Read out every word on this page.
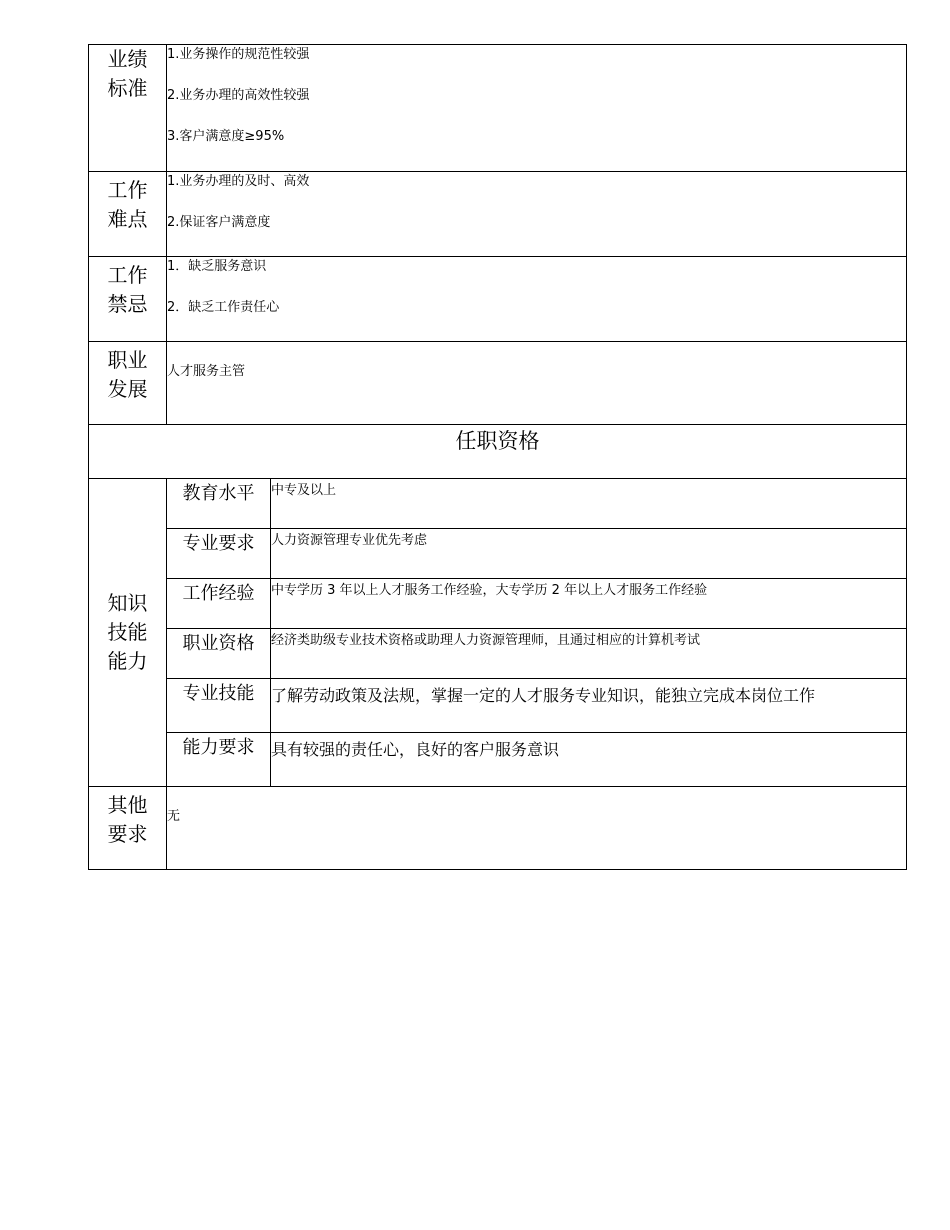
业绩
标准	1.业务操作的规范性较强
2.业务办理的高效性较强
3.客户满意度≥95%	

工作
难点	1.业务办理的及时、高效
2.保证客户满意度	

工作
禁忌	1．缺乏服务意识
2．缺乏工作责任心	

职业
发展	人才服务主管	

任职资格		
知识
技能
能力	教育水平	中专及以上
	专业要求	人力资源管理专业优先考虑
	工作经验	中专学历 3 年以上人才服务工作经验，大专学历 2 年以上人才服务工作经验
	职业资格	经济类助级专业技术资格或助理人力资源管理师，且通过相应的计算机考试
	专业技能	了解劳动政策及法规，掌握一定的人才服务专业知识，能独立完成本岗位工作
	能力要求	具有较强的责任心，良好的客户服务意识
其他
要求	无	
